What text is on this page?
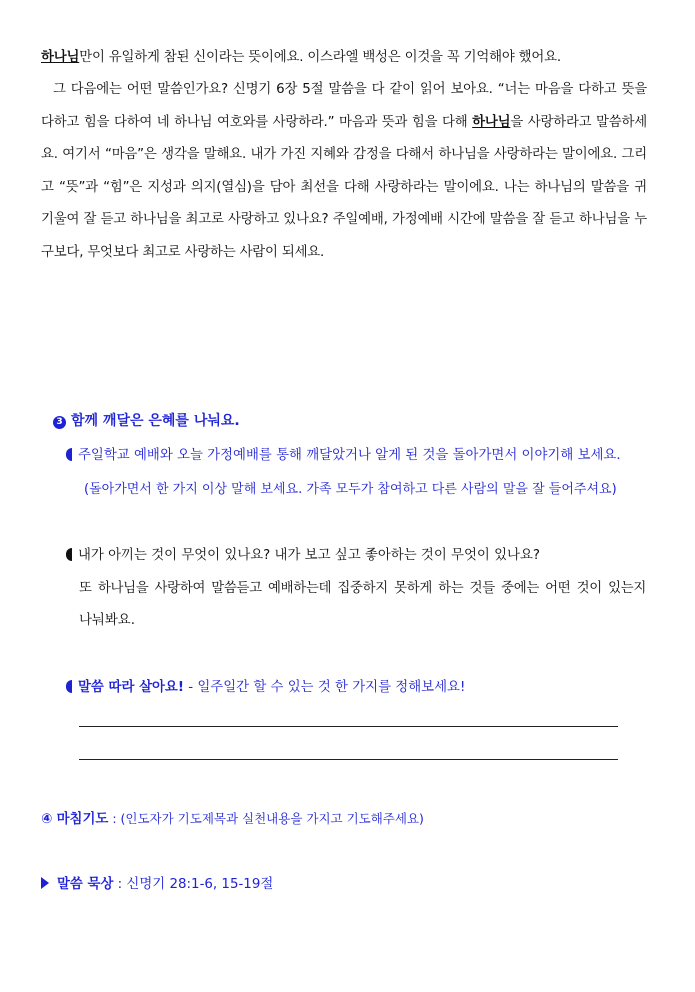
하나님만이 유일하게 참된 신이라는 뜻이에요. 이스라엘 백성은 이것을 꼭 기억해야 했어요.

그 다음에는 어떤 말씀인가요? 신명기 6장 5절 말씀을 다 같이 읽어 보아요. “너는 마음을 다하고 뜻을 다하고 힘을 다하여 네 하나님 여호와를 사랑하라.” 마음과 뜻과 힘을 다해 하나님을 사랑하라고 말씀하세요. 여기서 “마음”은 생각을 말해요. 내가 가진 지혜와 감정을 다해서 하나님을 사랑하라는 말이에요. 그리고 “뜻”과 “힘”은 지성과 의지(열심)을 담아 최선을 다해 사랑하라는 말이에요. 나는 하나님의 말씀을 귀 기울여 잘 듣고 하나님을 최고로 사랑하고 있나요? 주일예배, 가정예배 시간에 말씀을 잘 듣고 하나님을 누구보다, 무엇보다 최고로 사랑하는 사람이 되세요.

3 함께 깨달은 은혜를 나눠요.
주일학교 예배와 오늘 가정예배를 통해 깨달았거나 알게 된 것을 돌아가면서 이야기해 보세요.
(돌아가면서 한 가지 이상 말해 보세요. 가족 모두가 참여하고 다른 사람의 말을 잘 들어주셔요)
내가 아끼는 것이 무엇이 있나요? 내가 보고 싶고 좋아하는 것이 무엇이 있나요?
또 하나님을 사랑하여 말씀듣고 예배하는데 집중하지 못하게 하는 것들 중에는 어떤 것이 있는지
나눠봐요.
말씀 따라 살아요! - 일주일간 할 수 있는 것 한 가지를 정해보세요!
④ 마침기도 : (인도자가 기도제목과 실천내용을 가지고 기도해주세요)
말씀 묵상 : 신명기 28:1-6, 15-19절
